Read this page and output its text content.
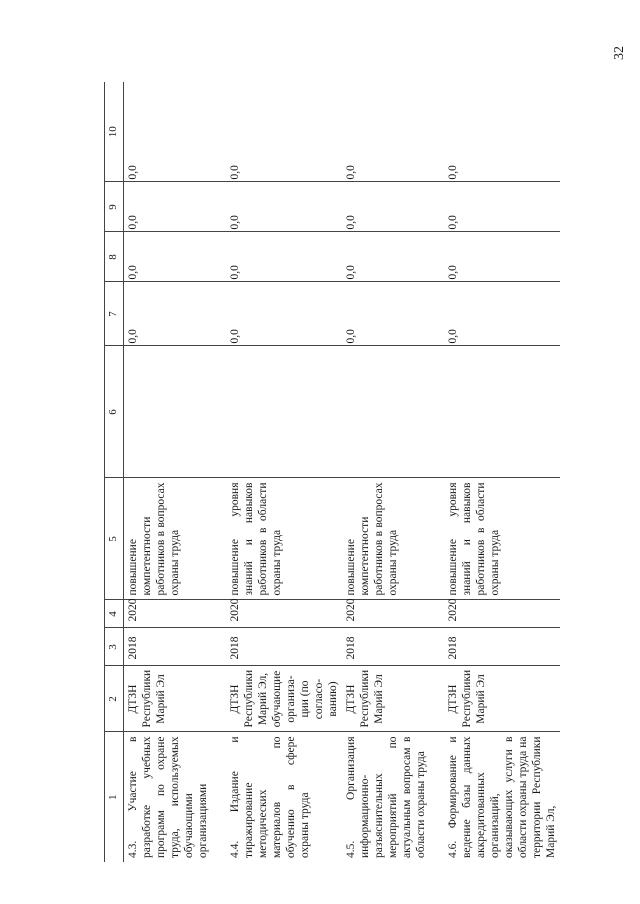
32
1	2	3	4	5	6	7	8	9	10
4.3. Участие в разработке учебных программ по охране труда, используемых обучающими организациями	ДТЗН Республики Марий Эл	2018	2020	повышение компетентности работников в вопросах охраны труда		0,0	0,0	0,0	0,0
4.4. Издание и тиражирование методических материалов по обучению в сфере охраны труда	ДТЗН Республики Марий Эл, обучающие организа-ции (по согласо-ванию)	2018	2020	повышение уровня знаний и навыков работников в области охраны труда		0,0	0,0	0,0	0,0
4.5. Организация информационно-разъяснительных мероприятий по актуальным вопросам в области охраны труда	ДТЗН Республики Марий Эл	2018	2020	повышение компетентности работников в вопросах охраны труда		0,0	0,0	0,0	0,0
4.6. Формирование и ведение базы данных аккредитованных организаций, оказывающих услуги в области охраны труда на территории Республики Марий Эл,	ДТЗН Республики Марий Эл	2018	2020	повышение уровня знаний и навыков работников в области охраны труда		0,0	0,0	0,0	0,0
